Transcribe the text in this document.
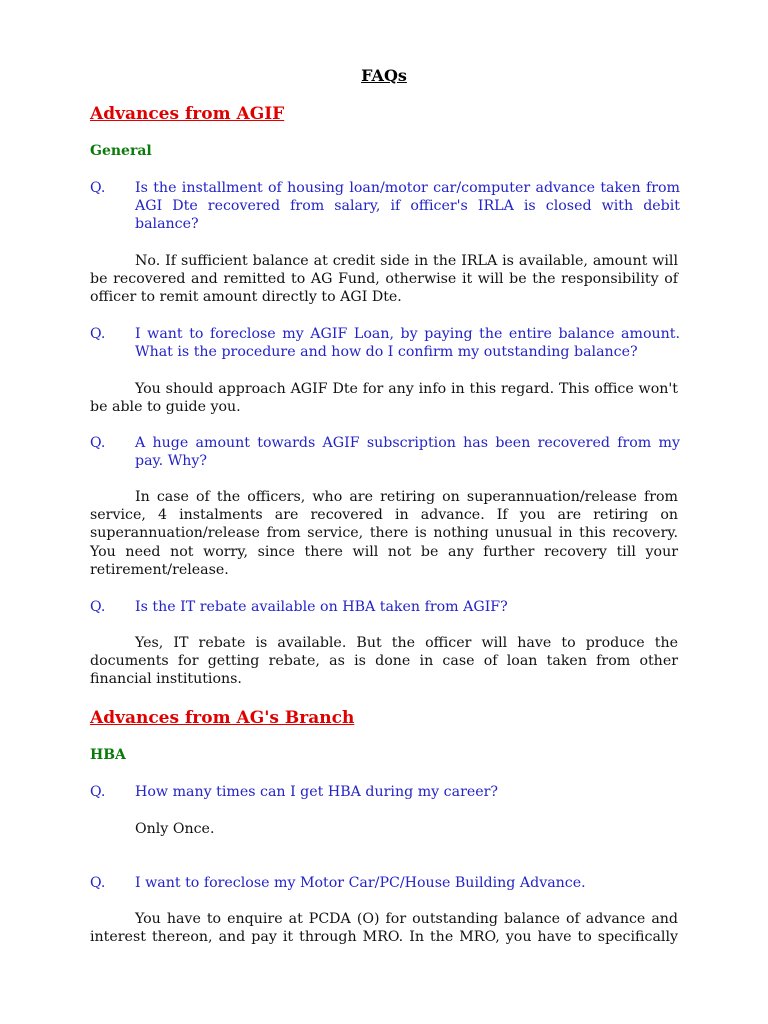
FAQs
Advances from AGIF
General
Q. Is the installment of housing loan/motor car/computer advance taken from AGI Dte recovered from salary, if officer's IRLA is closed with debit balance?
No. If sufficient balance at credit side in the IRLA is available, amount will be recovered and remitted to AG Fund, otherwise it will be the responsibility of officer to remit amount directly to AGI Dte.
Q. I want to foreclose my AGIF Loan, by paying the entire balance amount. What is the procedure and how do I confirm my outstanding balance?
You should approach AGIF Dte for any info in this regard. This office won't be able to guide you.
Q. A huge amount towards AGIF subscription has been recovered from my pay. Why?
In case of the officers, who are retiring on superannuation/release from service, 4 instalments are recovered in advance. If you are retiring on superannuation/release from service, there is nothing unusual in this recovery. You need not worry, since there will not be any further recovery till your retirement/release.
Q. Is the IT rebate available on HBA taken from AGIF?
Yes, IT rebate is available. But the officer will have to produce the documents for getting rebate, as is done in case of loan taken from other financial institutions.
Advances from AG's Branch
HBA
Q. How many times can I get HBA during my career?
Only Once.
Q. I want to foreclose my Motor Car/PC/House Building Advance.
You have to enquire at PCDA (O) for outstanding balance of advance and interest thereon, and pay it through MRO. In the MRO, you have to specifically
